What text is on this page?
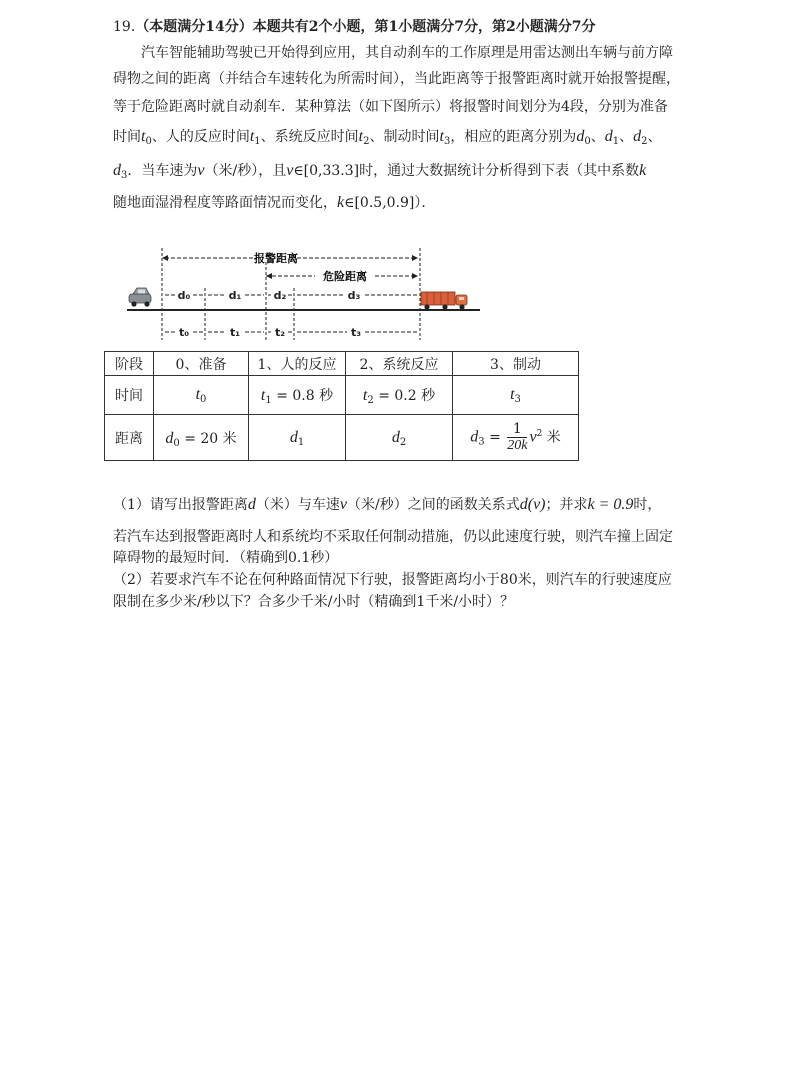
19.（本题满分14分）本题共有2个小题，第1小题满分7分，第2小题满分7分
汽车智能辅助驾驶已开始得到应用，其自动刹车的工作原理是用雷达测出车辆与前方障
碍物之间的距离（并结合车速转化为所需时间），当此距离等于报警距离时就开始报警提醒，
等于危险距离时就自动刹车．某种算法（如下图所示）将报警时间划分为4段，分别为准备
时间$t_0$、人的反应时间$t_1$、系统反应时间$t_2$、制动时间$t_3$，相应的距离分别为$d_0$、$d_1$、$d_2$、
$d_3$．当车速为v（米/秒），且v∈[0,33.3]时，通过大数据统计分析得到下表（其中系数k
随地面湿滑程度等路面情况而变化，k∈[0.5,0.9]）．
报警距离
危险距离
d₀	d₁	d₂	d₃
t₀	t₁	t₂	t₃
阶段	0、准备	1、人的反应	2、系统反应	3、制动
时间	$t_0$	$t_1 = 0.8$ 秒	$t_2 = 0.2$ 秒	$t_3$
距离	$d_0 = 20$ 米	$d_1$	$d_2$	$d_3 = \frac{1}{20k} v^2$ 米
（1）请写出报警距离d（米）与车速v（米/秒）之间的函数关系式d(v)；并求k = 0.9时，
若汽车达到报警距离时人和系统均不采取任何制动措施，仍以此速度行驶，则汽车撞上固定
障碍物的最短时间．（精确到0.1秒）
（2）若要求汽车不论在何种路面情况下行驶，报警距离均小于80米，则汽车的行驶速度应
限制在多少米/秒以下？合多少千米/小时（精确到1千米/小时）？
